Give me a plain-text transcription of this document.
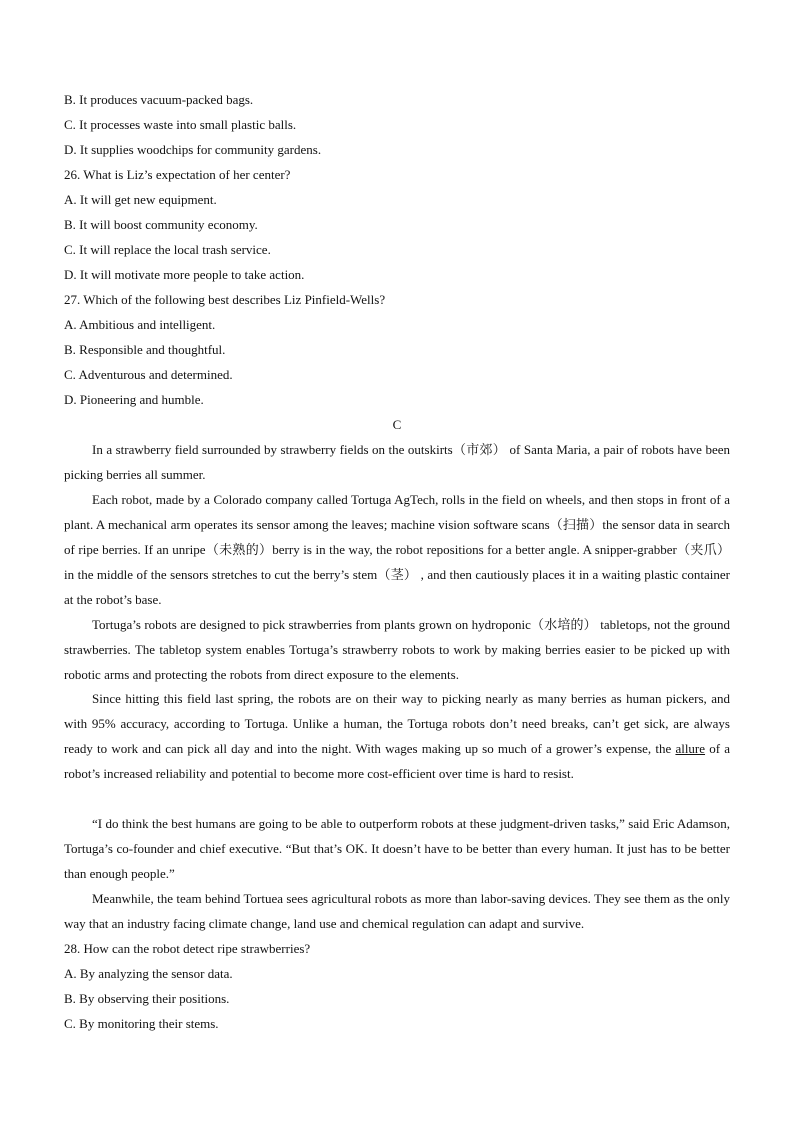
B. It produces vacuum-packed bags.
C. It processes waste into small plastic balls.
D. It supplies woodchips for community gardens.
26. What is Liz’s expectation of her center?
A. It will get new equipment.
B. It will boost community economy.
C. It will replace the local trash service.
D. It will motivate more people to take action.
27. Which of the following best describes Liz Pinfield-Wells?
A. Ambitious and intelligent.
B. Responsible and thoughtful.
C. Adventurous and determined.
D. Pioneering and humble.
C
In a strawberry field surrounded by strawberry fields on the outskirts（市郊） of Santa Maria, a pair of robots have been picking berries all summer.
Each robot, made by a Colorado company called Tortuga AgTech, rolls in the field on wheels, and then stops in front of a plant. A mechanical arm operates its sensor among the leaves; machine vision software scans（扫描）the sensor data in search of ripe berries. If an unripe（未熟的）berry is in the way, the robot repositions for a better angle. A snipper-grabber（夹爪） in the middle of the sensors stretches to cut the berry’s stem（茎） , and then cautiously places it in a waiting plastic container at the robot’s base.
Tortuga’s robots are designed to pick strawberries from plants grown on hydroponic（水培的） tabletops, not the ground strawberries. The tabletop system enables Tortuga’s strawberry robots to work by making berries easier to be picked up with robotic arms and protecting the robots from direct exposure to the elements.
Since hitting this field last spring, the robots are on their way to picking nearly as many berries as human pickers, and with 95% accuracy, according to Tortuga. Unlike a human, the Tortuga robots don’t need breaks, can’t get sick, are always ready to work and can pick all day and into the night. With wages making up so much of a grower’s expense, the allure of a robot’s increased reliability and potential to become more cost-efficient over time is hard to resist.
“I do think the best humans are going to be able to outperform robots at these judgment-driven tasks,” said Eric Adamson, Tortuga’s co-founder and chief executive. “But that’s OK. It doesn’t have to be better than every human. It just has to be better than enough people.”
Meanwhile, the team behind Tortuea sees agricultural robots as more than labor-saving devices. They see them as the only way that an industry facing climate change, land use and chemical regulation can adapt and survive.
28. How can the robot detect ripe strawberries?
A. By analyzing the sensor data.
B. By observing their positions.
C. By monitoring their stems.
